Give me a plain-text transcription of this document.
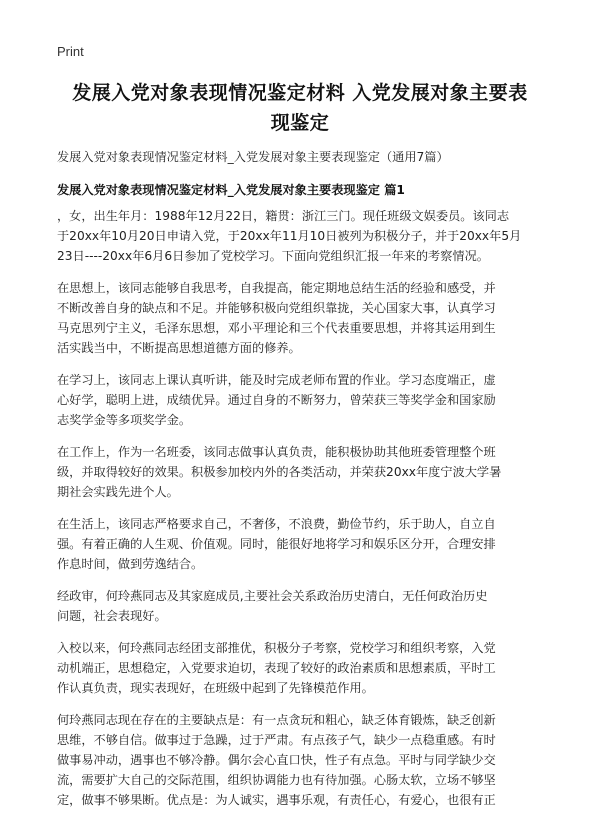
Print
发展入党对象表现情况鉴定材料 入党发展对象主要表
现鉴定
发展入党对象表现情况鉴定材料_入党发展对象主要表现鉴定（通用7篇）
发展入党对象表现情况鉴定材料_入党发展对象主要表现鉴定 篇1

，女，出生年月：1988年12月22日，籍贯：浙江三门。现任班级文娱委员。该同志
于20xx年10月20日申请入党，于20xx年11月10日被列为积极分子，并于20xx年5月
23日----20xx年6月6日参加了党校学习。下面向党组织汇报一年来的考察情况。

在思想上，该同志能够自我思考，自我提高，能定期地总结生活的经验和感受，并
不断改善自身的缺点和不足。并能够积极向党组织靠拢，关心国家大事，认真学习
马克思列宁主义，毛泽东思想，邓小平理论和三个代表重要思想，并将其运用到生
活实践当中，不断提高思想道德方面的修养。

在学习上，该同志上课认真听讲，能及时完成老师布置的作业。学习态度端正，虚
心好学，聪明上进，成绩优异。通过自身的不断努力，曾荣获三等奖学金和国家励
志奖学金等多项奖学金。

在工作上，作为一名班委，该同志做事认真负责，能积极协助其他班委管理整个班
级，并取得较好的效果。积极参加校内外的各类活动，并荣获20xx年度宁波大学暑
期社会实践先进个人。

在生活上，该同志严格要求自己，不奢侈，不浪费，勤俭节约，乐于助人，自立自
强。有着正确的人生观、价值观。同时，能很好地将学习和娱乐区分开，合理安排
作息时间，做到劳逸结合。

经政审，何玲燕同志及其家庭成员,主要社会关系政治历史清白，无任何政治历史
问题，社会表现好。

入校以来，何玲燕同志经团支部推优，积极分子考察，党校学习和组织考察，入党
动机端正，思想稳定，入党要求迫切，表现了较好的政治素质和思想素质，平时工
作认真负责，现实表现好，在班级中起到了先锋模范作用。

何玲燕同志现在存在的主要缺点是：有一点贪玩和粗心，缺乏体育锻炼，缺乏创新
思维，不够自信。做事过于急躁，过于严肃。有点孩子气，缺少一点稳重感。有时
做事易冲动，遇事也不够冷静。偶尔会心直口快，性子有点急。平时与同学缺少交
流，需要扩大自己的交际范围，组织协调能力也有待加强。心肠太软，立场不够坚
定，做事不够果断。优点是：为人诚实，遇事乐观，有责任心，有爱心，也很有正
